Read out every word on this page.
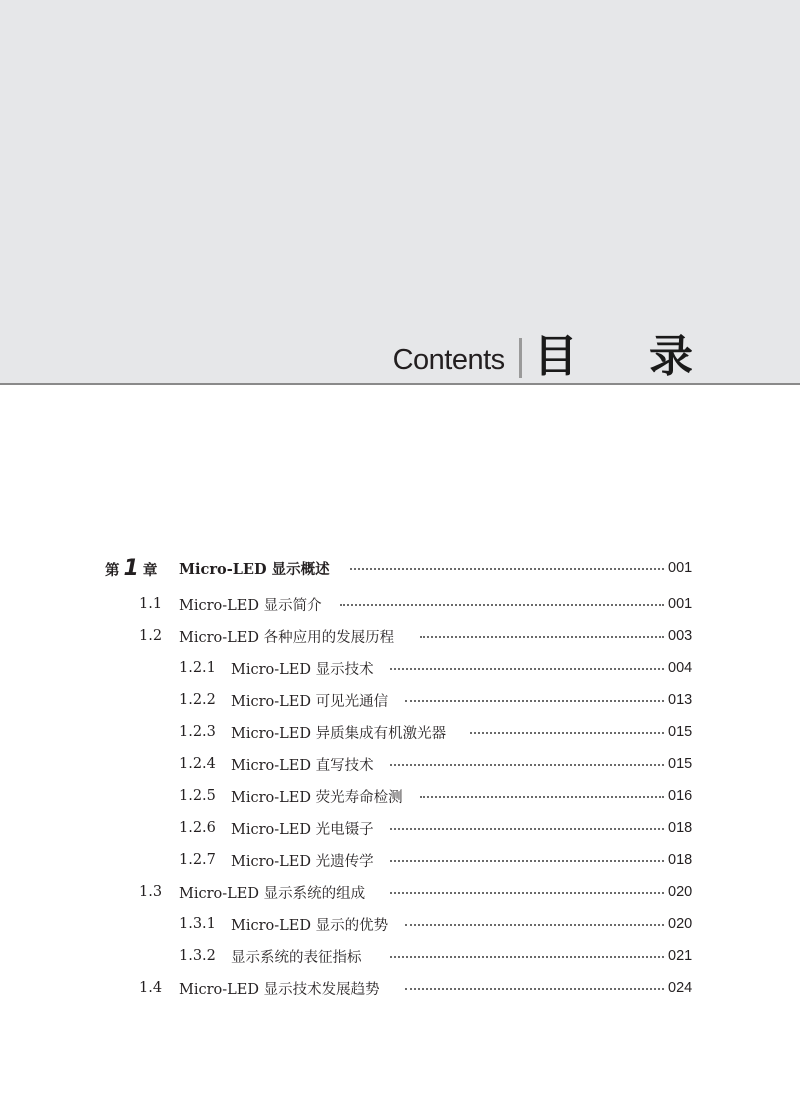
Contents 目 录
第 1 章 Micro-LED 显示概述	001
1.1 Micro-LED 显示简介	001
1.2 Micro-LED 各种应用的发展历程	003
1.2.1 Micro-LED 显示技术	004
1.2.2 Micro-LED 可见光通信	013
1.2.3 Micro-LED 异质集成有机激光器	015
1.2.4 Micro-LED 直写技术	015
1.2.5 Micro-LED 荧光寿命检测	016
1.2.6 Micro-LED 光电镊子	018
1.2.7 Micro-LED 光遗传学	018
1.3 Micro-LED 显示系统的组成	020
1.3.1 Micro-LED 显示的优势	020
1.3.2 显示系统的表征指标	021
1.4 Micro-LED 显示技术发展趋势	024
